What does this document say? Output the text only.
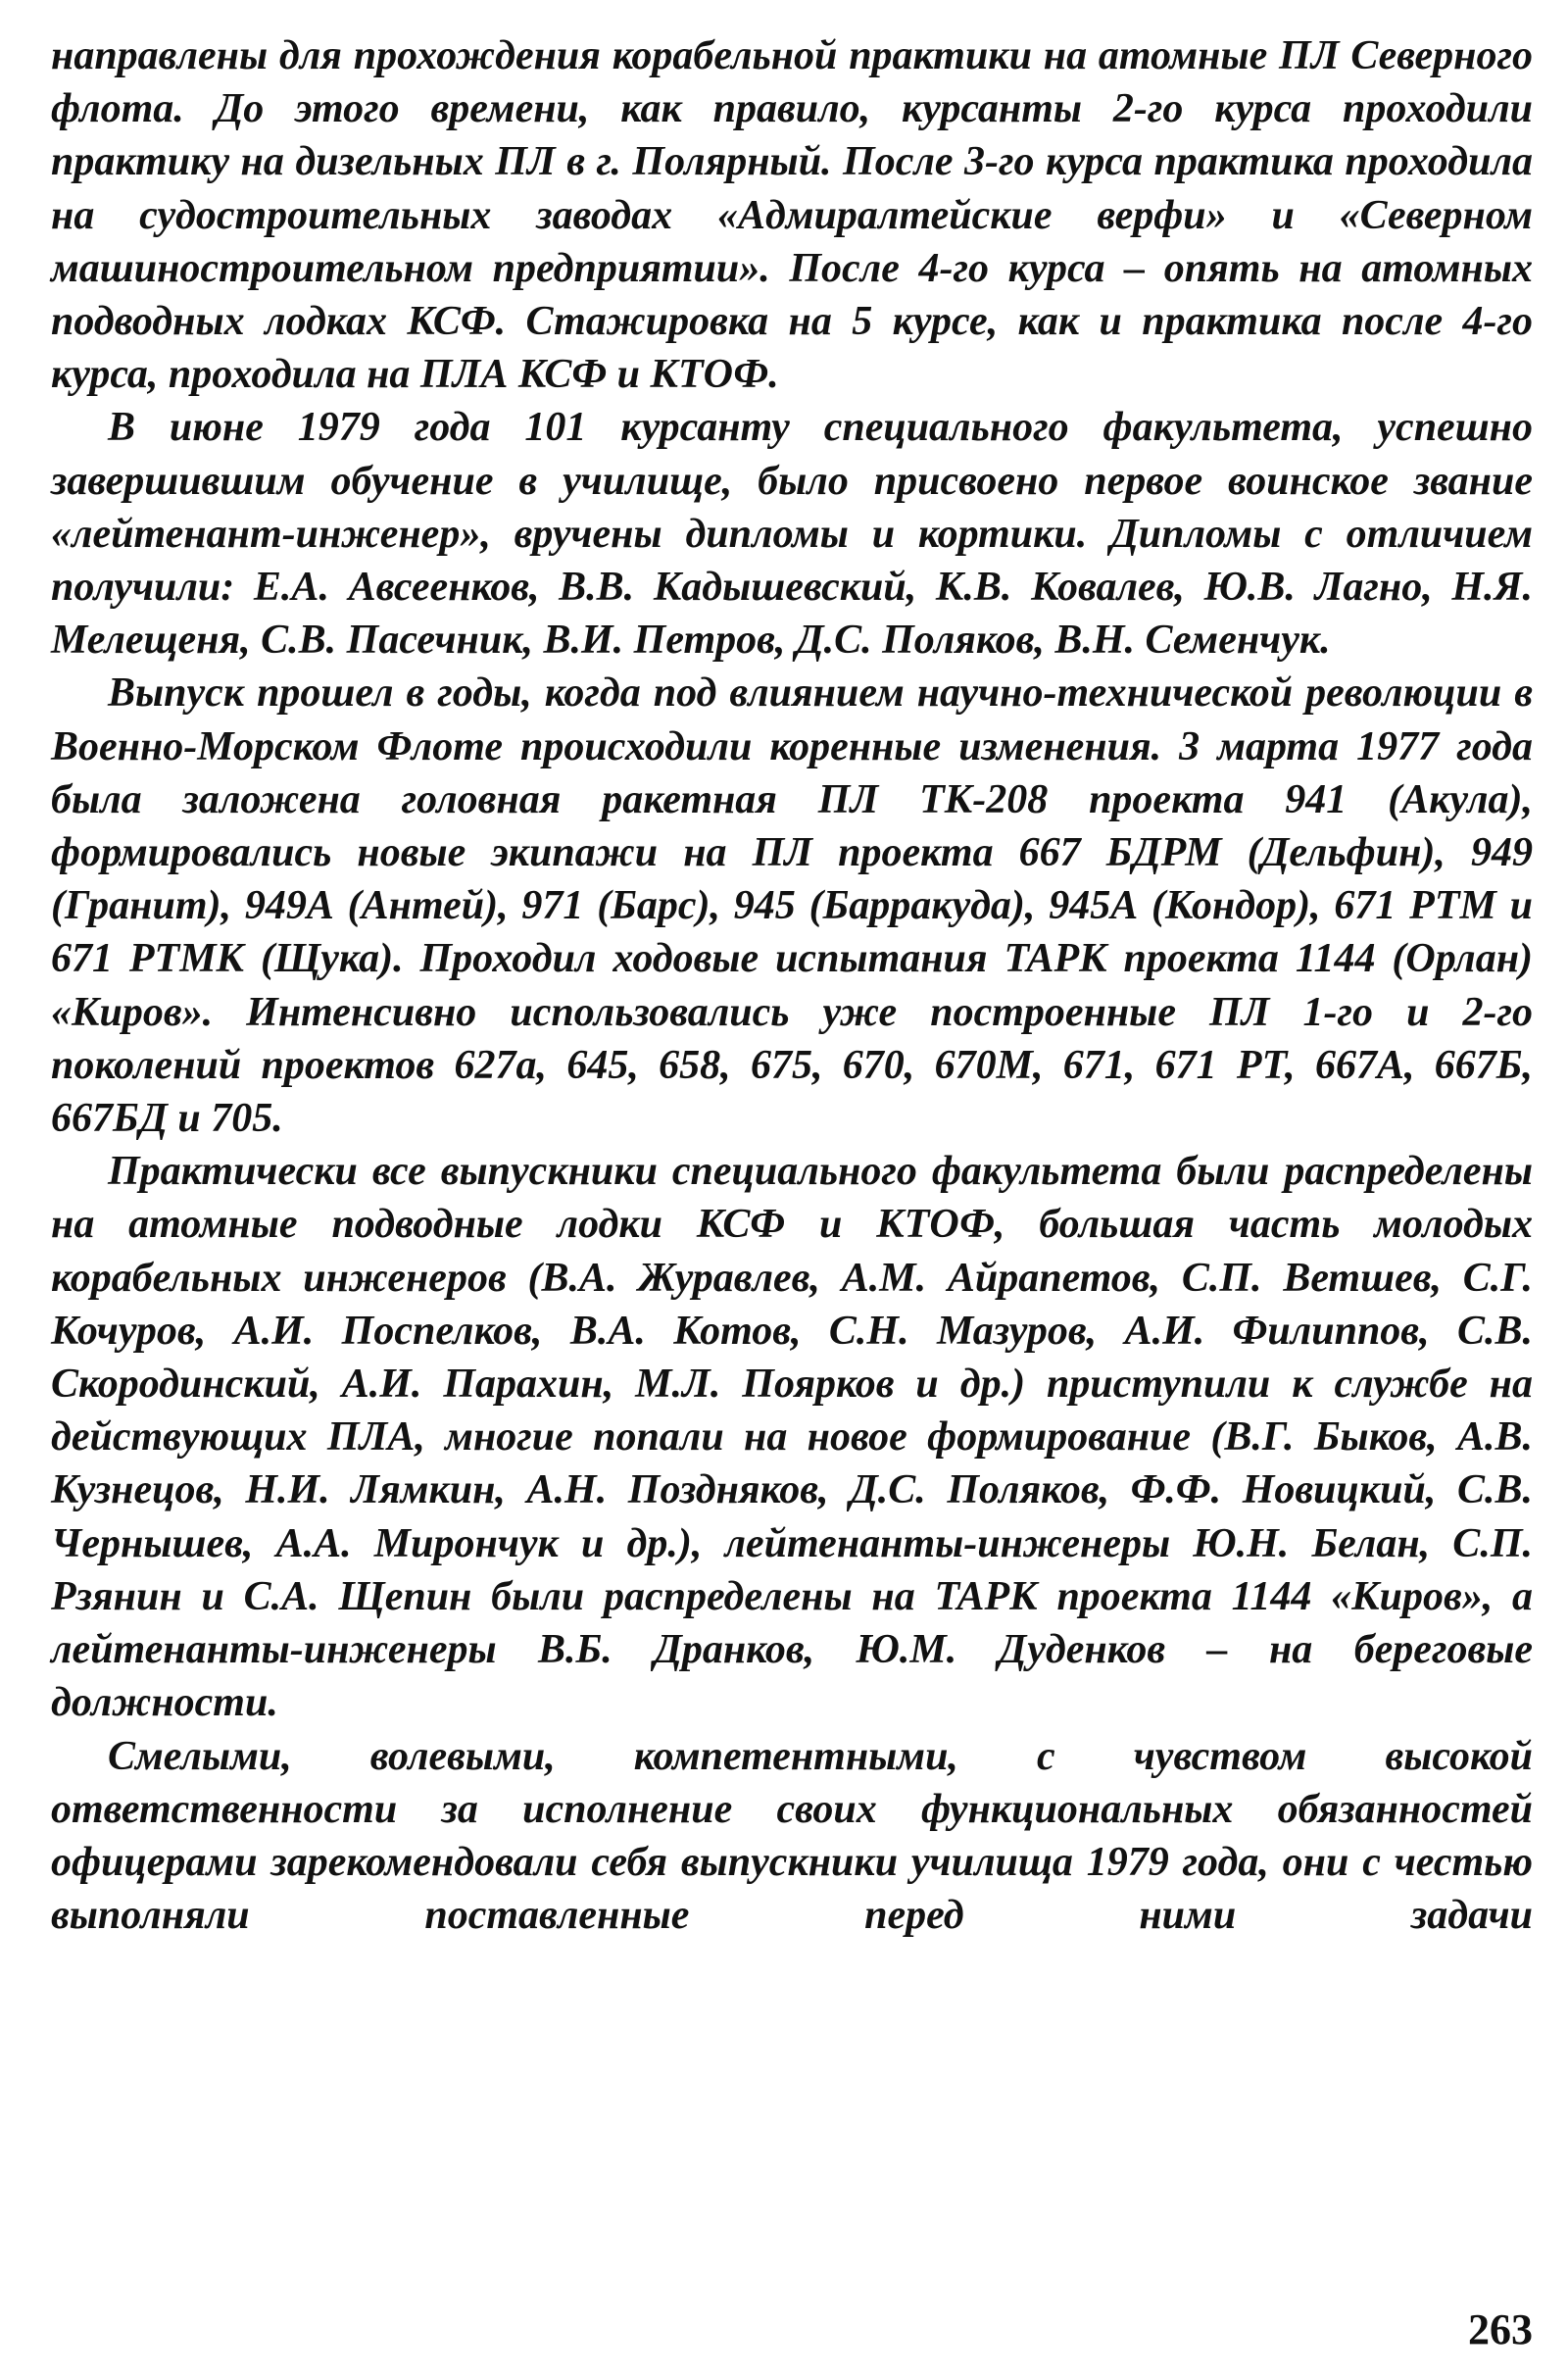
направлены для прохождения корабельной практики на атомные ПЛ Северного флота. До этого времени, как правило, курсанты 2-го курса проходили практику на дизельных ПЛ в г. Полярный. После 3-го курса практика проходила на судостроительных заводах «Адмиралтейские верфи» и «Северном машиностроительном предприятии». После 4-го курса – опять на атомных подводных лодках КСФ. Стажировка на 5 курсе, как и практика после 4-го курса, проходила на ПЛА КСФ и КТОФ.

В июне 1979 года 101 курсанту специального факультета, успешно завершившим обучение в училище, было присвоено первое воинское звание «лейтенант-инженер», вручены дипломы и кортики. Дипломы с отличием получили: Е.А. Авсеенков, В.В. Кадышевский, К.В. Ковалев, Ю.В. Лагно, Н.Я. Мелещеня, С.В. Пасечник, В.И. Петров, Д.С. Поляков, В.Н. Семенчук.

Выпуск прошел в годы, когда под влиянием научно-технической революции в Военно-Морском Флоте происходили коренные изменения. 3 марта 1977 года была заложена головная ракетная ПЛ ТК-208 проекта 941 (Акула), формировались новые экипажи на ПЛ проекта 667 БДРМ (Дельфин), 949 (Гранит), 949А (Антей), 971 (Барс), 945 (Барракуда), 945А (Кондор), 671 РТМ и 671 РТМК (Щука). Проходил ходовые испытания ТАРК проекта 1144 (Орлан) «Киров». Интенсивно использовались уже построенные ПЛ 1-го и 2-го поколений проектов 627а, 645, 658, 675, 670, 670М, 671, 671 РТ, 667А, 667Б, 667БД и 705.

Практически все выпускники специального факультета были распределены на атомные подводные лодки КСФ и КТОФ, большая часть молодых корабельных инженеров (В.А. Журавлев, А.М. Айрапетов, С.П. Ветшев, С.Г. Кочуров, А.И. Поспелков, В.А. Котов, С.Н. Мазуров, А.И. Филиппов, С.В. Скородинский, А.И. Парахин, М.Л. Поярков и др.) приступили к службе на действующих ПЛА, многие попали на новое формирование (В.Г. Быков, А.В. Кузнецов, Н.И. Лямкин, А.Н. Поздняков, Д.С. Поляков, Ф.Ф. Новицкий, С.В. Чернышев, А.А. Мирончук и др.), лейтенанты-инженеры Ю.Н. Белан, С.П. Рзянин и С.А. Щепин были распределены на ТАРК проекта 1144 «Киров», а лейтенанты-инженеры В.Б. Дранков, Ю.М. Дуденков – на береговые должности.

Смелыми, волевыми, компетентными, с чувством высокой ответственности за исполнение своих функциональных обязанностей офицерами зарекомендовали себя выпускники училища 1979 года, они с честью выполняли поставленные перед ними задачи

263
